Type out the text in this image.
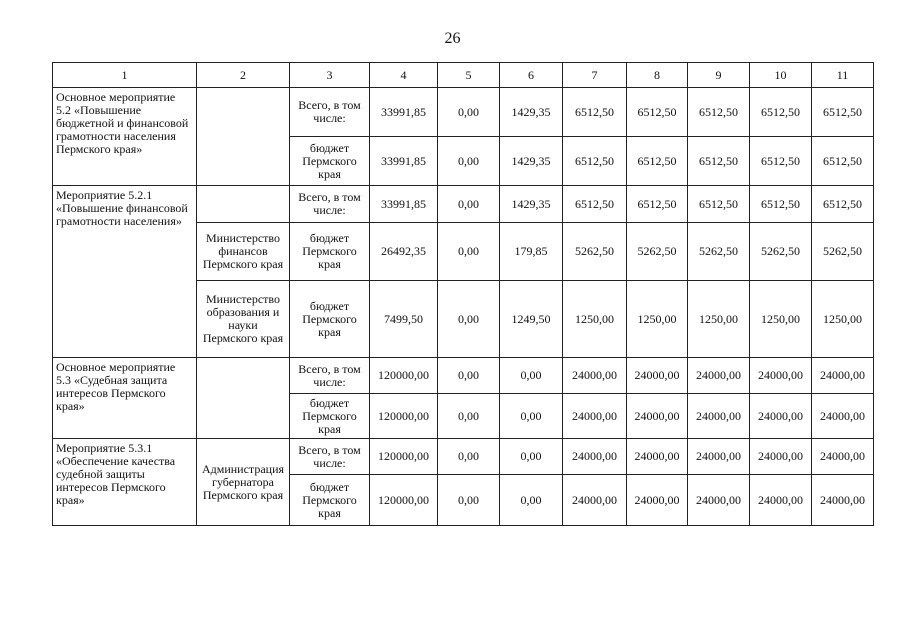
26
1	2	3	4	5	6	7	8	9	10	11
Основное мероприятие 5.2 «Повышение бюджетной и финансовой грамотности населения Пермского края»		Всего, в том числе:	33991,85	0,00	1429,35	6512,50	6512,50	6512,50	6512,50	6512,50
		бюджет Пермского края	33991,85	0,00	1429,35	6512,50	6512,50	6512,50	6512,50	6512,50
Мероприятие 5.2.1 «Повышение финансовой грамотности населения»		Всего, в том числе:	33991,85	0,00	1429,35	6512,50	6512,50	6512,50	6512,50	6512,50
	Министерство финансов Пермского края	бюджет Пермского края	26492,35	0,00	179,85	5262,50	5262,50	5262,50	5262,50	5262,50
	Министерство образования и науки Пермского края	бюджет Пермского края	7499,50	0,00	1249,50	1250,00	1250,00	1250,00	1250,00	1250,00
Основное мероприятие 5.3 «Судебная защита интересов Пермского края»		Всего, в том числе:	120000,00	0,00	0,00	24000,00	24000,00	24000,00	24000,00	24000,00
		бюджет Пермского края	120000,00	0,00	0,00	24000,00	24000,00	24000,00	24000,00	24000,00
Мероприятие 5.3.1 «Обеспечение качества судебной защиты интересов Пермского края»	Администрация губернатора Пермского края	Всего, в том числе:	120000,00	0,00	0,00	24000,00	24000,00	24000,00	24000,00	24000,00
		бюджет Пермского края	120000,00	0,00	0,00	24000,00	24000,00	24000,00	24000,00	24000,00
